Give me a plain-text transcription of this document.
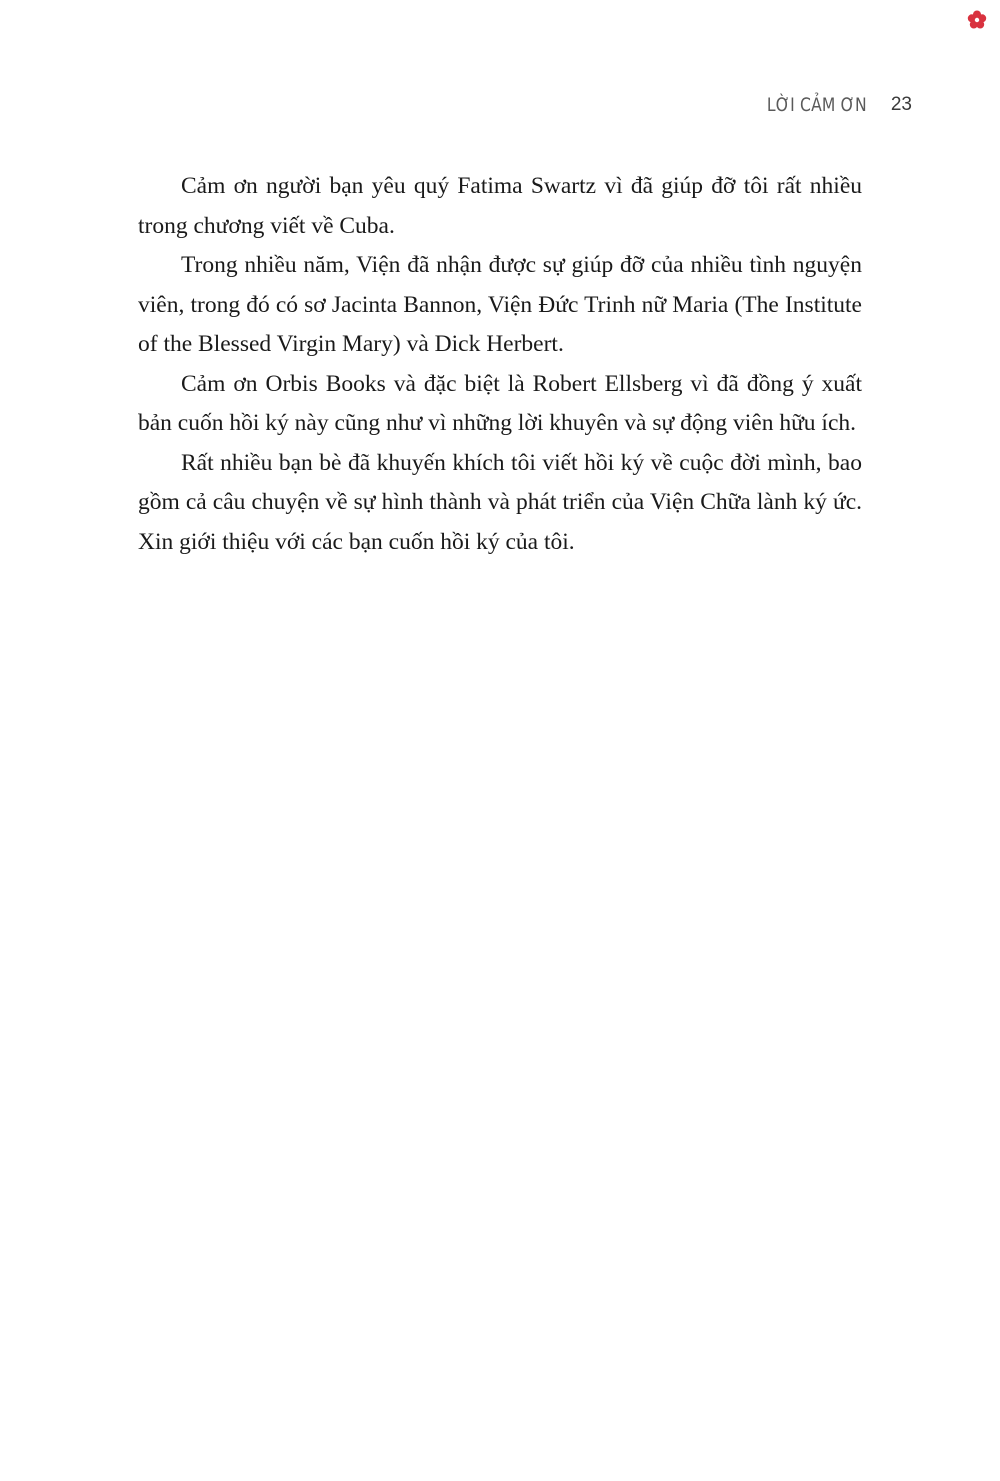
LỜI CẢM ƠN 23

Cảm ơn người bạn yêu quý Fatima Swartz vì đã giúp đỡ tôi rất nhiều trong chương viết về Cuba.

Trong nhiều năm, Viện đã nhận được sự giúp đỡ của nhiều tình nguyện viên, trong đó có sơ Jacinta Bannon, Viện Đức Trinh nữ Maria (The Institute of the Blessed Virgin Mary) và Dick Herbert.

Cảm ơn Orbis Books và đặc biệt là Robert Ellsberg vì đã đồng ý xuất bản cuốn hồi ký này cũng như vì những lời khuyên và sự động viên hữu ích.

Rất nhiều bạn bè đã khuyến khích tôi viết hồi ký về cuộc đời mình, bao gồm cả câu chuyện về sự hình thành và phát triển của Viện Chữa lành ký ức. Xin giới thiệu với các bạn cuốn hồi ký của tôi.
